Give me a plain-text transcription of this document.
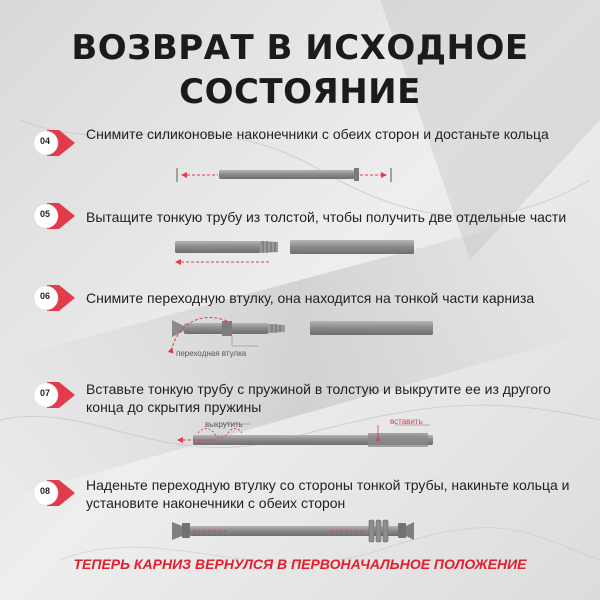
ВОЗВРАТ В ИСХОДНОЕ
СОСТОЯНИЕ
04
05
06
07
08
Снимите силиконовые наконечники с обеих сторон и достаньте кольца
Вытащите тонкую трубу из толстой, чтобы получить две отдельные части
Снимите переходную втулку, она находится на тонкой части карниза
Вставьте тонкую трубу с пружиной в толстую и выкрутите ее из другого конца до скрытия пружины
Наденьте переходную втулку со стороны тонкой трубы, накиньте кольца и установите наконечники с обеих сторон
переходная втулка
выкрутить	вставить
ТЕПЕРЬ КАРНИЗ ВЕРНУЛСЯ В ПЕРВОНАЧАЛЬНОЕ ПОЛОЖЕНИЕ
